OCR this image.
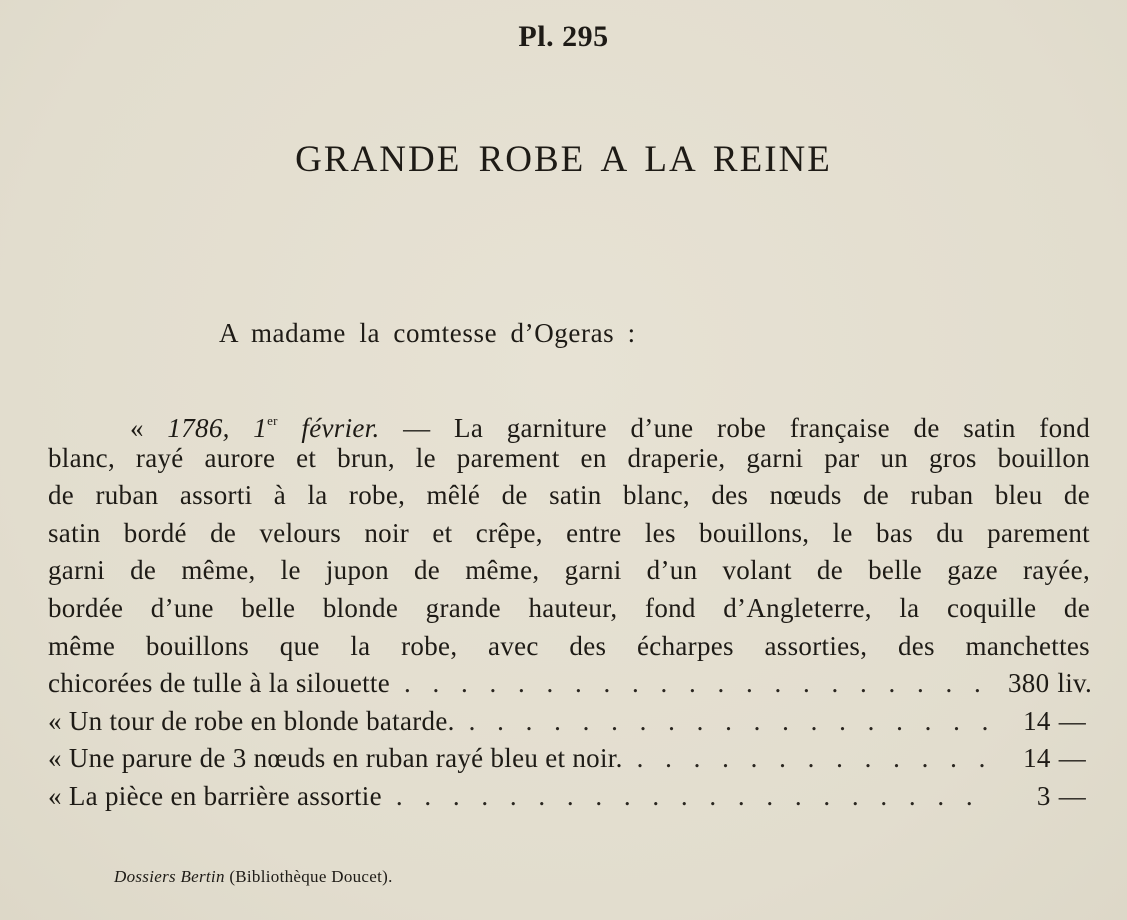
Pl. 295
GRANDE ROBE A LA REINE
A madame la comtesse d’Ogeras :
« 1786, 1er février. — La garniture d’une robe française de satin fond
blanc, rayé aurore et brun, le parement en draperie, garni par un gros bouillon
de ruban assorti à la robe, mêlé de satin blanc, des nœuds de ruban bleu de
satin bordé de velours noir et crêpe, entre les bouillons, le bas du parement
garni de même, le jupon de même, garni d’un volant de belle gaze rayée,
bordée d’une belle blonde grande hauteur, fond d’Angleterre, la coquille de
même bouillons que la robe, avec des écharpes assorties, des manchettes
chicorées de tulle à la silouette . . .	380 liv.
« Un tour de robe en blonde batarde. . . .	14 —
« Une parure de 3 nœuds en ruban rayé bleu et noir. . . .	14 —
« La pièce en barrière assortie . . .	3 —
Dossiers Bertin (Bibliothèque Doucet).
